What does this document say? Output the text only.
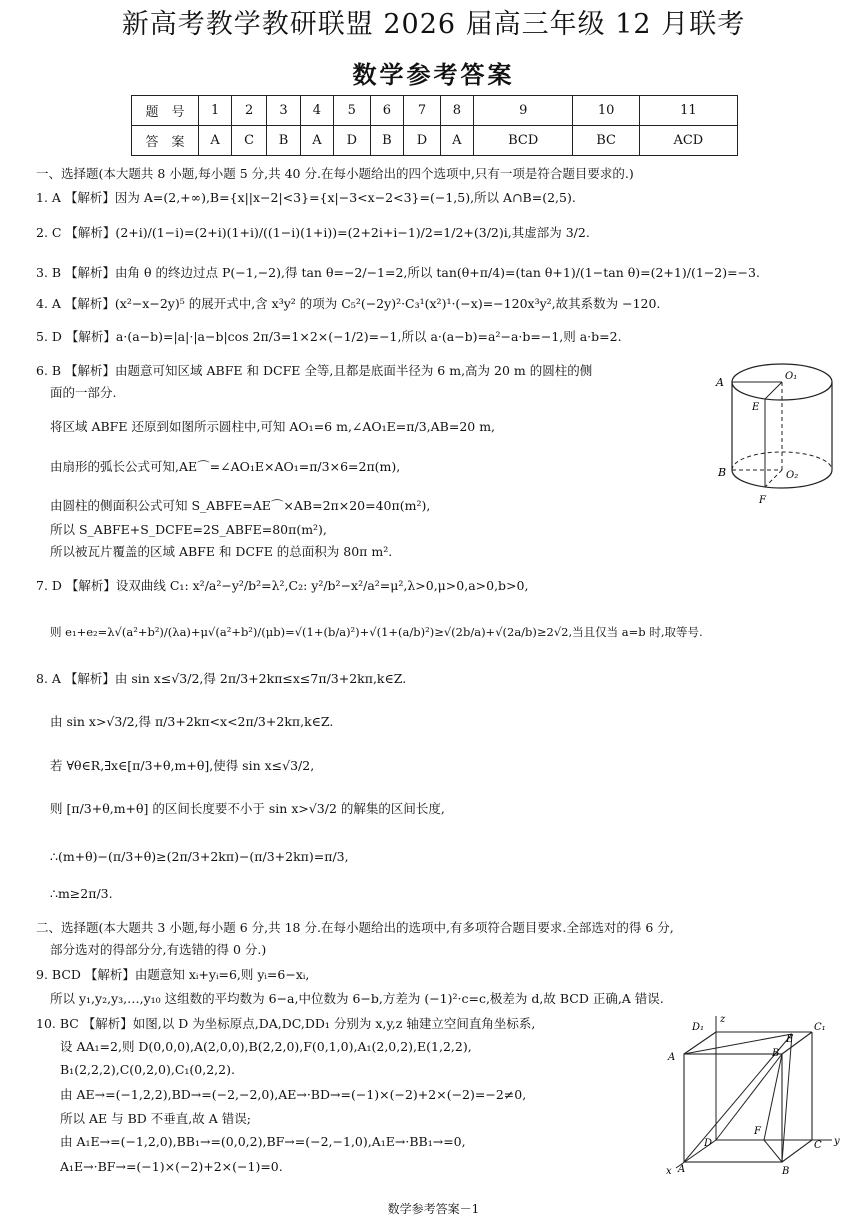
新高考教学教研联盟 2026 届高三年级 12 月联考
数学参考答案
题　号	1	2	3	4	5	6	7	8	9	10	11
答　案	A	C	B	A	D	B	D	A	BCD	BC	ACD
一、选择题(本大题共 8 小题,每小题 5 分,共 40 分.在每小题给出的四个选项中,只有一项是符合题目要求的.)
1. A 【解析】因为 A=(2,+∞),B={x||x−2|<3}={x|−3<x−2<3}=(−1,5),所以 A∩B=(2,5).
2. C 【解析】(2+i)/(1−i)=(2+i)(1+i)/((1−i)(1+i))=(2+2i+i−1)/2=1/2+(3/2)i,其虚部为 3/2.
3. B 【解析】由角 θ 的终边过点 P(−1,−2),得 tan θ=−2/−1=2,所以 tan(θ+π/4)=(tan θ+1)/(1−tan θ)=(2+1)/(1−2)=−3.
4. A 【解析】(x²−x−2y)⁵ 的展开式中,含 x³y² 的项为 C₅²(−2y)²·C₃¹(x²)¹·(−x)=−120x³y²,故其系数为 −120.
5. D 【解析】a·(a−b)=|a|·|a−b|cos 2π/3=1×2×(−1/2)=−1,所以 a·(a−b)=a²−a·b=−1,则 a·b=2.
6. B 【解析】由题意可知区域 ABFE 和 DCFE 全等,且都是底面半径为 6 m,高为 20 m 的圆柱的侧
面的一部分.
将区域 ABFE 还原到如图所示圆柱中,可知 AO₁=6 m,∠AO₁E=π/3,AB=20 m,
由扇形的弧长公式可知,AE⌒=∠AO₁E×AO₁=π/3×6=2π(m),
由圆柱的侧面积公式可知 S_ABFE=AE⌒×AB=2π×20=40π(m²),
所以 S_ABFE+S_DCFE=2S_ABFE=80π(m²),
所以被瓦片覆盖的区域 ABFE 和 DCFE 的总面积为 80π m².
7. D 【解析】设双曲线 C₁: x²/a²−y²/b²=λ²,C₂: y²/b²−x²/a²=μ²,λ>0,μ>0,a>0,b>0,
则 e₁+e₂=λ√(a²+b²)/(λa)+μ√(a²+b²)/(μb)=√(1+(b/a)²)+√(1+(a/b)²)≥√(2b/a)+√(2a/b)≥2√2,当且仅当 a=b 时,取等号.
8. A 【解析】由 sin x≤√3/2,得 2π/3+2kπ≤x≤7π/3+2kπ,k∈Z.
由 sin x>√3/2,得 π/3+2kπ<x<2π/3+2kπ,k∈Z.
若 ∀θ∈R,∃x∈[π/3+θ,m+θ],使得 sin x≤√3/2,
则 [π/3+θ,m+θ] 的区间长度要不小于 sin x>√3/2 的解集的区间长度,
∴(m+θ)−(π/3+θ)≥(2π/3+2kπ)−(π/3+2kπ)=π/3,
∴m≥2π/3.
二、选择题(本大题共 3 小题,每小题 6 分,共 18 分.在每小题给出的选项中,有多项符合题目要求.全部选对的得 6 分,
部分选对的得部分分,有选错的得 0 分.)
9. BCD 【解析】由题意知 xᵢ+yᵢ=6,则 yᵢ=6−xᵢ,
所以 y₁,y₂,y₃,…,y₁₀ 这组数的平均数为 6−a,中位数为 6−b,方差为 (−1)²·c=c,极差为 d,故 BCD 正确,A 错误.
10. BC 【解析】如图,以 D 为坐标原点,DA,DC,DD₁ 分别为 x,y,z 轴建立空间直角坐标系,
设 AA₁=2,则 D(0,0,0),A(2,0,0),B(2,2,0),F(0,1,0),A₁(2,0,2),E(1,2,2),
B₁(2,2,2),C(0,2,0),C₁(0,2,2).
由 AE→=(−1,2,2),BD→=(−2,−2,0),AE→·BD→=(−1)×(−2)+2×(−2)=−2≠0,
所以 AE 与 BD 不垂直,故 A 错误;
由 A₁E→=(−1,2,0),BB₁→=(0,0,2),BF→=(−2,−1,0),A₁E→·BB₁→=0,
A₁E→·BF→=(−1)×(−2)+2×(−1)=0.
A	O₁
E
B	O₂
F
D₁
z
C₁
E
A	B
D
F
C y
x A	B
数学参考答案－1
